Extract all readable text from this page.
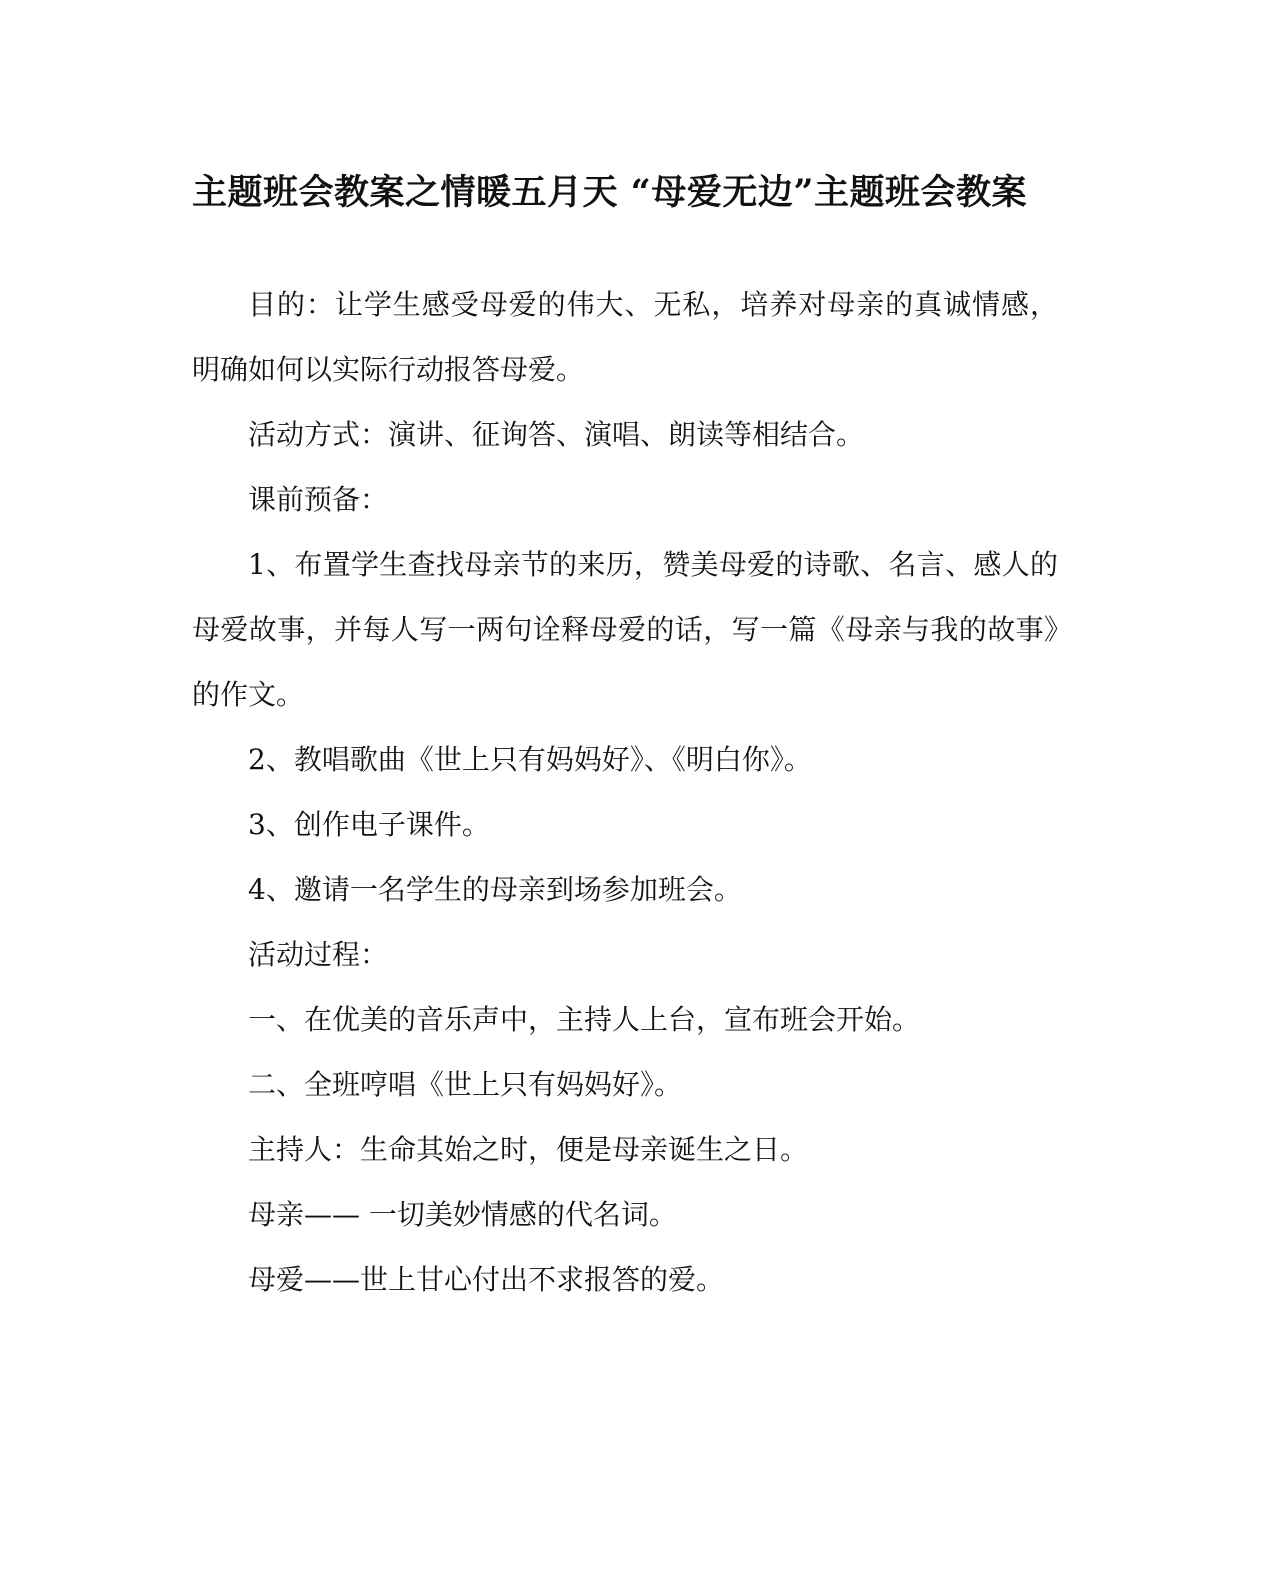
主题班会教案之情暖五月天 “母爱无边”主题班会教案

目的：让学生感受母爱的伟大、无私，培养对母亲的真诚情感，明确如何以实际行动报答母爱。

活动方式：演讲、征询答、演唱、朗读等相结合。

课前预备：

1、布置学生查找母亲节的来历，赞美母爱的诗歌、名言、感人的母爱故事，并每人写一两句诠释母爱的话，写一篇《母亲与我的故事》的作文。

2、教唱歌曲《世上只有妈妈好》、《明白你》。

3、创作电子课件。

4、邀请一名学生的母亲到场参加班会。

活动过程：

一、在优美的音乐声中，主持人上台，宣布班会开始。

二、全班哼唱《世上只有妈妈好》。

主持人：生命其始之时，便是母亲诞生之日。

母亲—— 一切美妙情感的代名词。

母爱——世上甘心付出不求报答的爱。
